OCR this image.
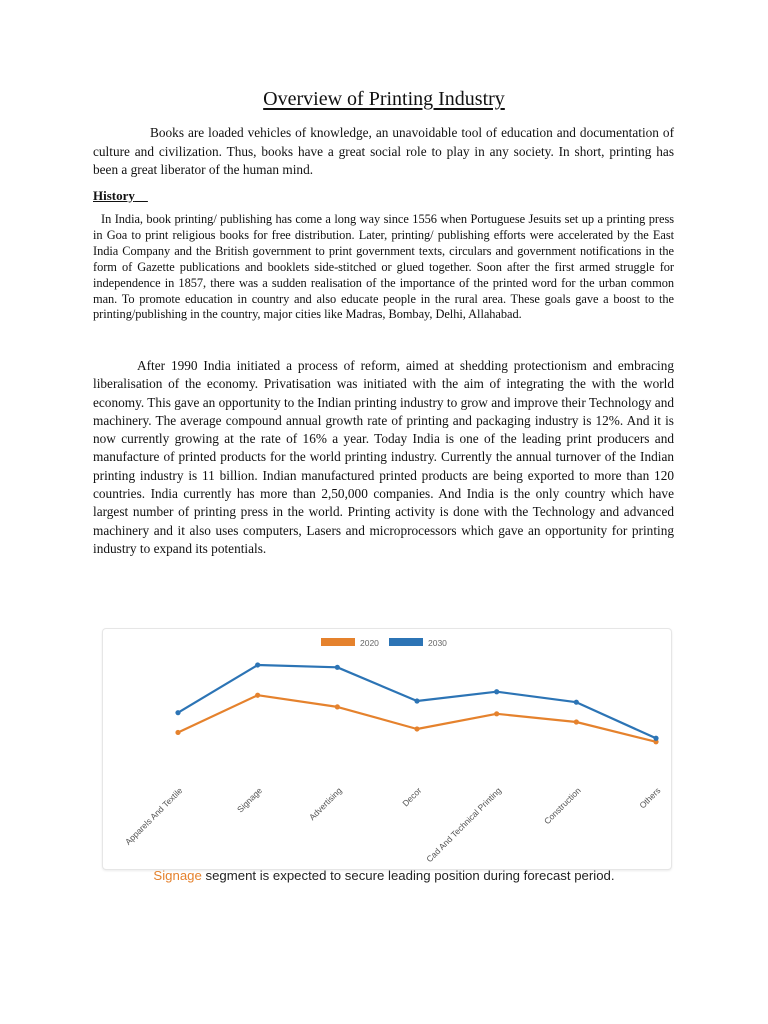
Overview of Printing Industry

Books are loaded vehicles of knowledge, an unavoidable tool of education and documentation of culture and civilization. Thus, books have a great social role to play in any society. In short, printing has been a great liberator of the human mind.

History

In India, book printing/ publishing has come a long way since 1556 when Portuguese Jesuits set up a printing press in Goa to print religious books for free distribution. Later, printing/ publishing efforts were accelerated by the East India Company and the British government to print government texts, circulars and government notifications in the form of Gazette publications and booklets side-stitched or glued together. Soon after the first armed struggle for independence in 1857, there was a sudden realisation of the importance of the printed word for the urban common man. To promote education in country and also educate people in the rural area. These goals gave a boost to the printing/publishing in the country, major cities like Madras, Bombay, Delhi, Allahabad.

After 1990 India initiated a process of reform, aimed at shedding protectionism and embracing liberalisation of the economy. Privatisation was initiated with the aim of integrating the with the world economy. This gave an opportunity to the Indian printing industry to grow and improve their Technology and machinery. The average compound annual growth rate of printing and packaging industry is 12%. And it is now currently growing at the rate of 16% a year. Today India is one of the leading print producers and manufacture of printed products for the world printing industry. Currently the annual turnover of the Indian printing industry is 11 billion. Indian manufactured printed products are being exported to more than 120 countries. India currently has more than 2,50,000 companies. And India is the only country which have largest number of printing press in the world. Printing activity is done with the Technology and advanced machinery and it also uses computers, Lasers and microprocessors which gave an opportunity for printing industry to expand its potentials.

2020	2030
Apparels And Textile	Signage	Advertising	Decor Cad And Technical Printing	Construction	Others
Signage segment is expected to secure leading position during forecast period.
